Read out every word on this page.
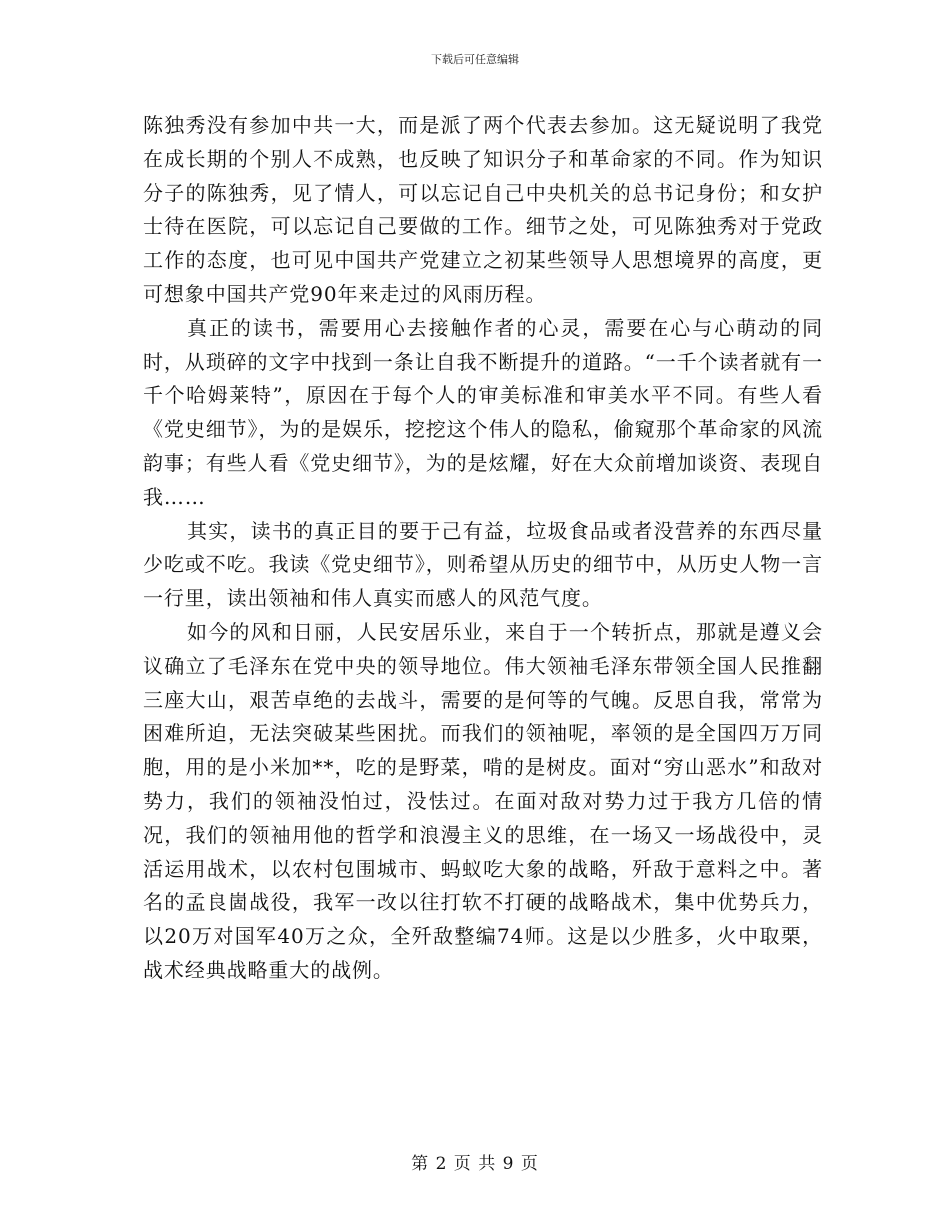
下载后可任意编辑

陈独秀没有参加中共一大，而是派了两个代表去参加。这无疑说明了我党在成长期的个别人不成熟，也反映了知识分子和革命家的不同。作为知识分子的陈独秀，见了情人，可以忘记自己中央机关的总书记身份；和女护士待在医院，可以忘记自己要做的工作。细节之处，可见陈独秀对于党政工作的态度，也可见中国共产党建立之初某些领导人思想境界的高度，更可想象中国共产党90年来走过的风雨历程。

真正的读书，需要用心去接触作者的心灵，需要在心与心萌动的同时，从琐碎的文字中找到一条让自我不断提升的道路。“一千个读者就有一千个哈姆莱特”，原因在于每个人的审美标准和审美水平不同。有些人看《党史细节》，为的是娱乐，挖挖这个伟人的隐私，偷窥那个革命家的风流韵事；有些人看《党史细节》，为的是炫耀，好在大众前增加谈资、表现自我……

其实，读书的真正目的要于己有益，垃圾食品或者没营养的东西尽量少吃或不吃。我读《党史细节》，则希望从历史的细节中，从历史人物一言一行里，读出领袖和伟人真实而感人的风范气度。

如今的风和日丽，人民安居乐业，来自于一个转折点，那就是遵义会议确立了毛泽东在党中央的领导地位。伟大领袖毛泽东带领全国人民推翻三座大山，艰苦卓绝的去战斗，需要的是何等的气魄。反思自我，常常为困难所迫，无法突破某些困扰。而我们的领袖呢，率领的是全国四万万同胞，用的是小米加**，吃的是野菜，啃的是树皮。面对“穷山恶水”和敌对势力，我们的领袖没怕过，没怯过。在面对敌对势力过于我方几倍的情况，我们的领袖用他的哲学和浪漫主义的思维，在一场又一场战役中，灵活运用战术，以农村包围城市、蚂蚁吃大象的战略，歼敌于意料之中。著名的孟良崮战役，我军一改以往打软不打硬的战略战术，集中优势兵力，以20万对国军40万之众，全歼敌整编74师。这是以少胜多，火中取栗，战术经典战略重大的战例。

第 2 页 共 9 页
